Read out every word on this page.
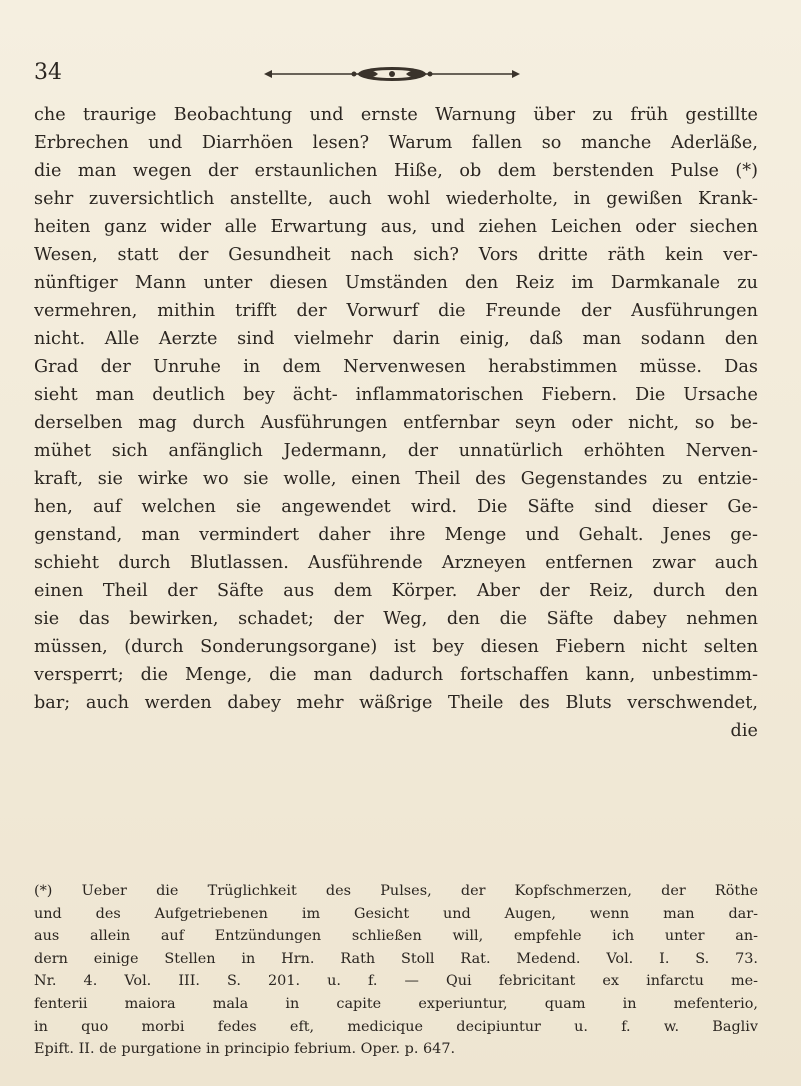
34
che traurige Beobachtung und ernste Warnung über zu früh gestillte
Erbrechen und Diarrhöen lesen? Warum fallen so manche Aderläße,
die man wegen der erstaunlichen Hiße, ob dem berstenden Pulse (*)
sehr zuversichtlich anstellte, auch wohl wiederholte, in gewißen Krank-
heiten ganz wider alle Erwartung aus, und ziehen Leichen oder siechen
Wesen, statt der Gesundheit nach sich? Vors dritte räth kein ver-
nünftiger Mann unter diesen Umständen den Reiz im Darmkanale zu
vermehren, mithin trifft der Vorwurf die Freunde der Ausführungen
nicht. Alle Aerzte sind vielmehr darin einig, daß man sodann den
Grad der Unruhe in dem Nervenwesen herabstimmen müsse. Das
sieht man deutlich bey ächt- inflammatorischen Fiebern. Die Ursache
derselben mag durch Ausführungen entfernbar seyn oder nicht, so be-
mühet sich anfänglich Jedermann, der unnatürlich erhöhten Nerven-
kraft, sie wirke wo sie wolle, einen Theil des Gegenstandes zu entzie-
hen, auf welchen sie angewendet wird. Die Säfte sind dieser Ge-
genstand, man vermindert daher ihre Menge und Gehalt. Jenes ge-
schieht durch Blutlassen. Ausführende Arzneyen entfernen zwar auch
einen Theil der Säfte aus dem Körper. Aber der Reiz, durch den
sie das bewirken, schadet; der Weg, den die Säfte dabey nehmen
müssen, (durch Sonderungsorgane) ist bey diesen Fiebern nicht selten
versperrt; die Menge, die man dadurch fortschaffen kann, unbestimm-
bar; auch werden dabey mehr wäßrige Theile des Bluts verschwendet,
die
(*) Ueber die Trüglichkeit des Pulses, der Kopfschmerzen, der Röthe
und des Aufgetriebenen im Gesicht und Augen, wenn man dar-
aus allein auf Entzündungen schließen will, empfehle ich unter an-
dern einige Stellen in Hrn. Rath Stoll Rat. Medend. Vol. I. S. 73.
Nr. 4. Vol. III. S. 201. u. f. — Qui febricitant ex infarctu me-
fenterii maiora mala in capite experiuntur, quam in mefenterio,
in quo morbi fedes eft, medicique decipiuntur u. f. w. Bagliv
Epift. II. de purgatione in principio febrium. Oper. p. 647.
